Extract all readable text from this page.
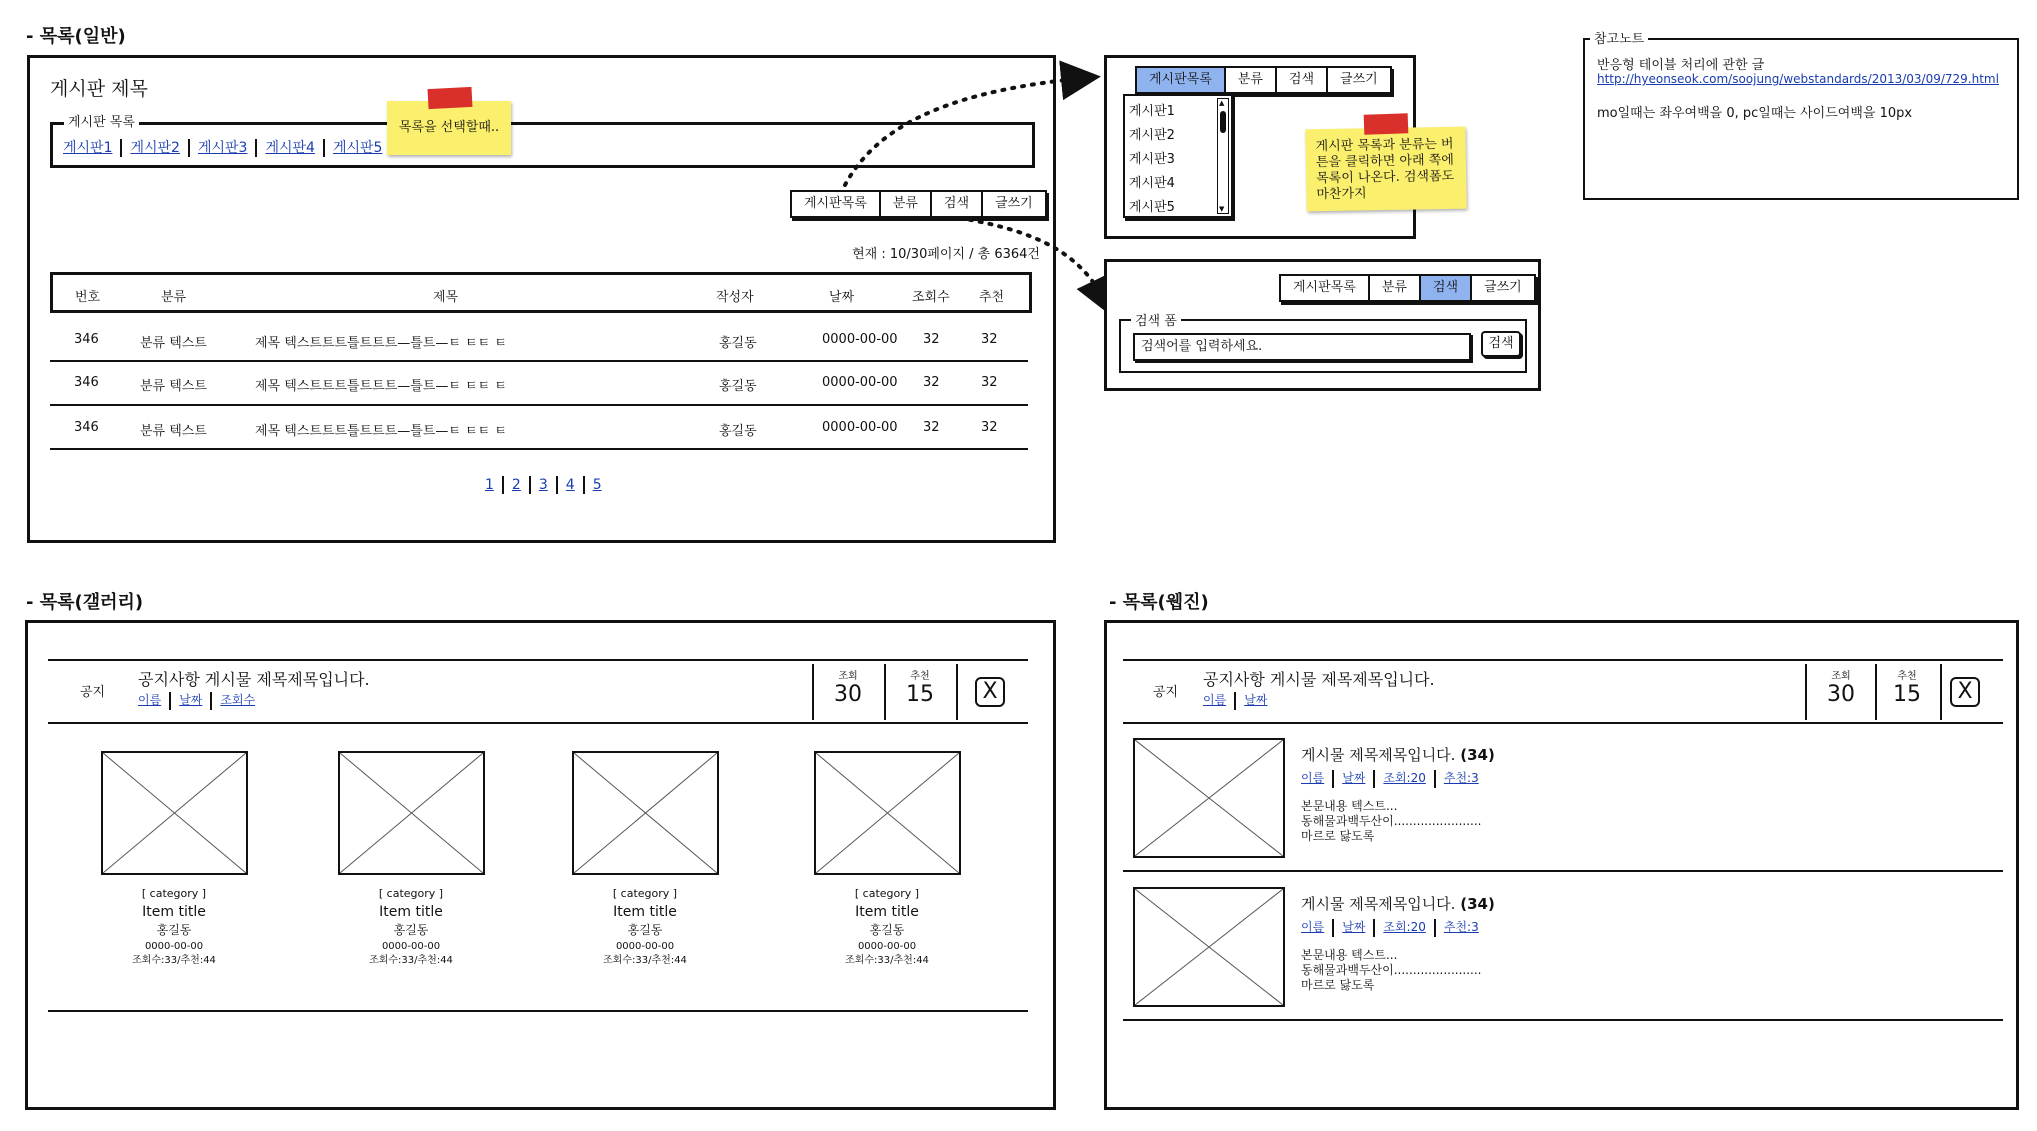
- 목록(일반)
게시판 제목
게시판1 게시판2 게시판3 게시판4 게시판5
게시판 목록	목록을 선택할때..
게시판목록	분류	검색	글쓰기
현재 : 10/30페이지 / 총 6364건
번호	분류	제목	작성자	날짜	조회수 추천
346	분류 텍스트	제목 텍스트트트틀트트트—틀트—ㅌ ㅌㅌ ㅌ	홍길동	0000-00-00 32	32
346	분류 텍스트	제목 텍스트트트틀트트트—틀트—ㅌ ㅌㅌ ㅌ	홍길동	0000-00-00 32	32
346	분류 텍스트	제목 텍스트트트틀트트트—틀트—ㅌ ㅌㅌ ㅌ	홍길동	0000-00-00 32	32
1 2 3 4 5
게시판목록	분류	검색	글쓰기
게시판1
게시판2
게시판3
게시판4
게시판5
▲
▼
게시판 목록과 분류는 버튼을 클릭하면 아래 쪽에 목록이 나온다. 검색폼도 마찬가지
게시판목록	분류	검색	글쓰기
검색어를 입력하세요.	검색
검색 폼
반응형 테이블 처리에 관한 글
http://hyeonseok.com/soojung/webstandards/2013/03/09/729.html
mo일때는 좌우여백을 0, pc일때는 사이드여백을 10px
참고노트
- 목록(갤러리)
공지
공지사항 게시물 제목제목입니다.
이름 날짜 조회수
조회
30
추천
15	X
[ category ]
Item title
홍길동
0000-00-00
조회수:33/추천:44
[ category ]
Item title
홍길동
0000-00-00
조회수:33/추천:44
[ category ]
Item title
홍길동
0000-00-00
조회수:33/추천:44
[ category ]
Item title
홍길동
0000-00-00
조회수:33/추천:44
- 목록(웹진)
공지
공지사항 게시물 제목제목입니다.
이름 날짜
조회
30
추천
15	X
게시물 제목제목입니다. (34)
이름 날짜 조회:20 추천:3
본문내용 텍스트...
동해물과백두산이.......................
마르로 닳도록
게시물 제목제목입니다. (34)
이름 날짜 조회:20 추천:3
본문내용 텍스트...
동해물과백두산이.......................
마르로 닳도록
